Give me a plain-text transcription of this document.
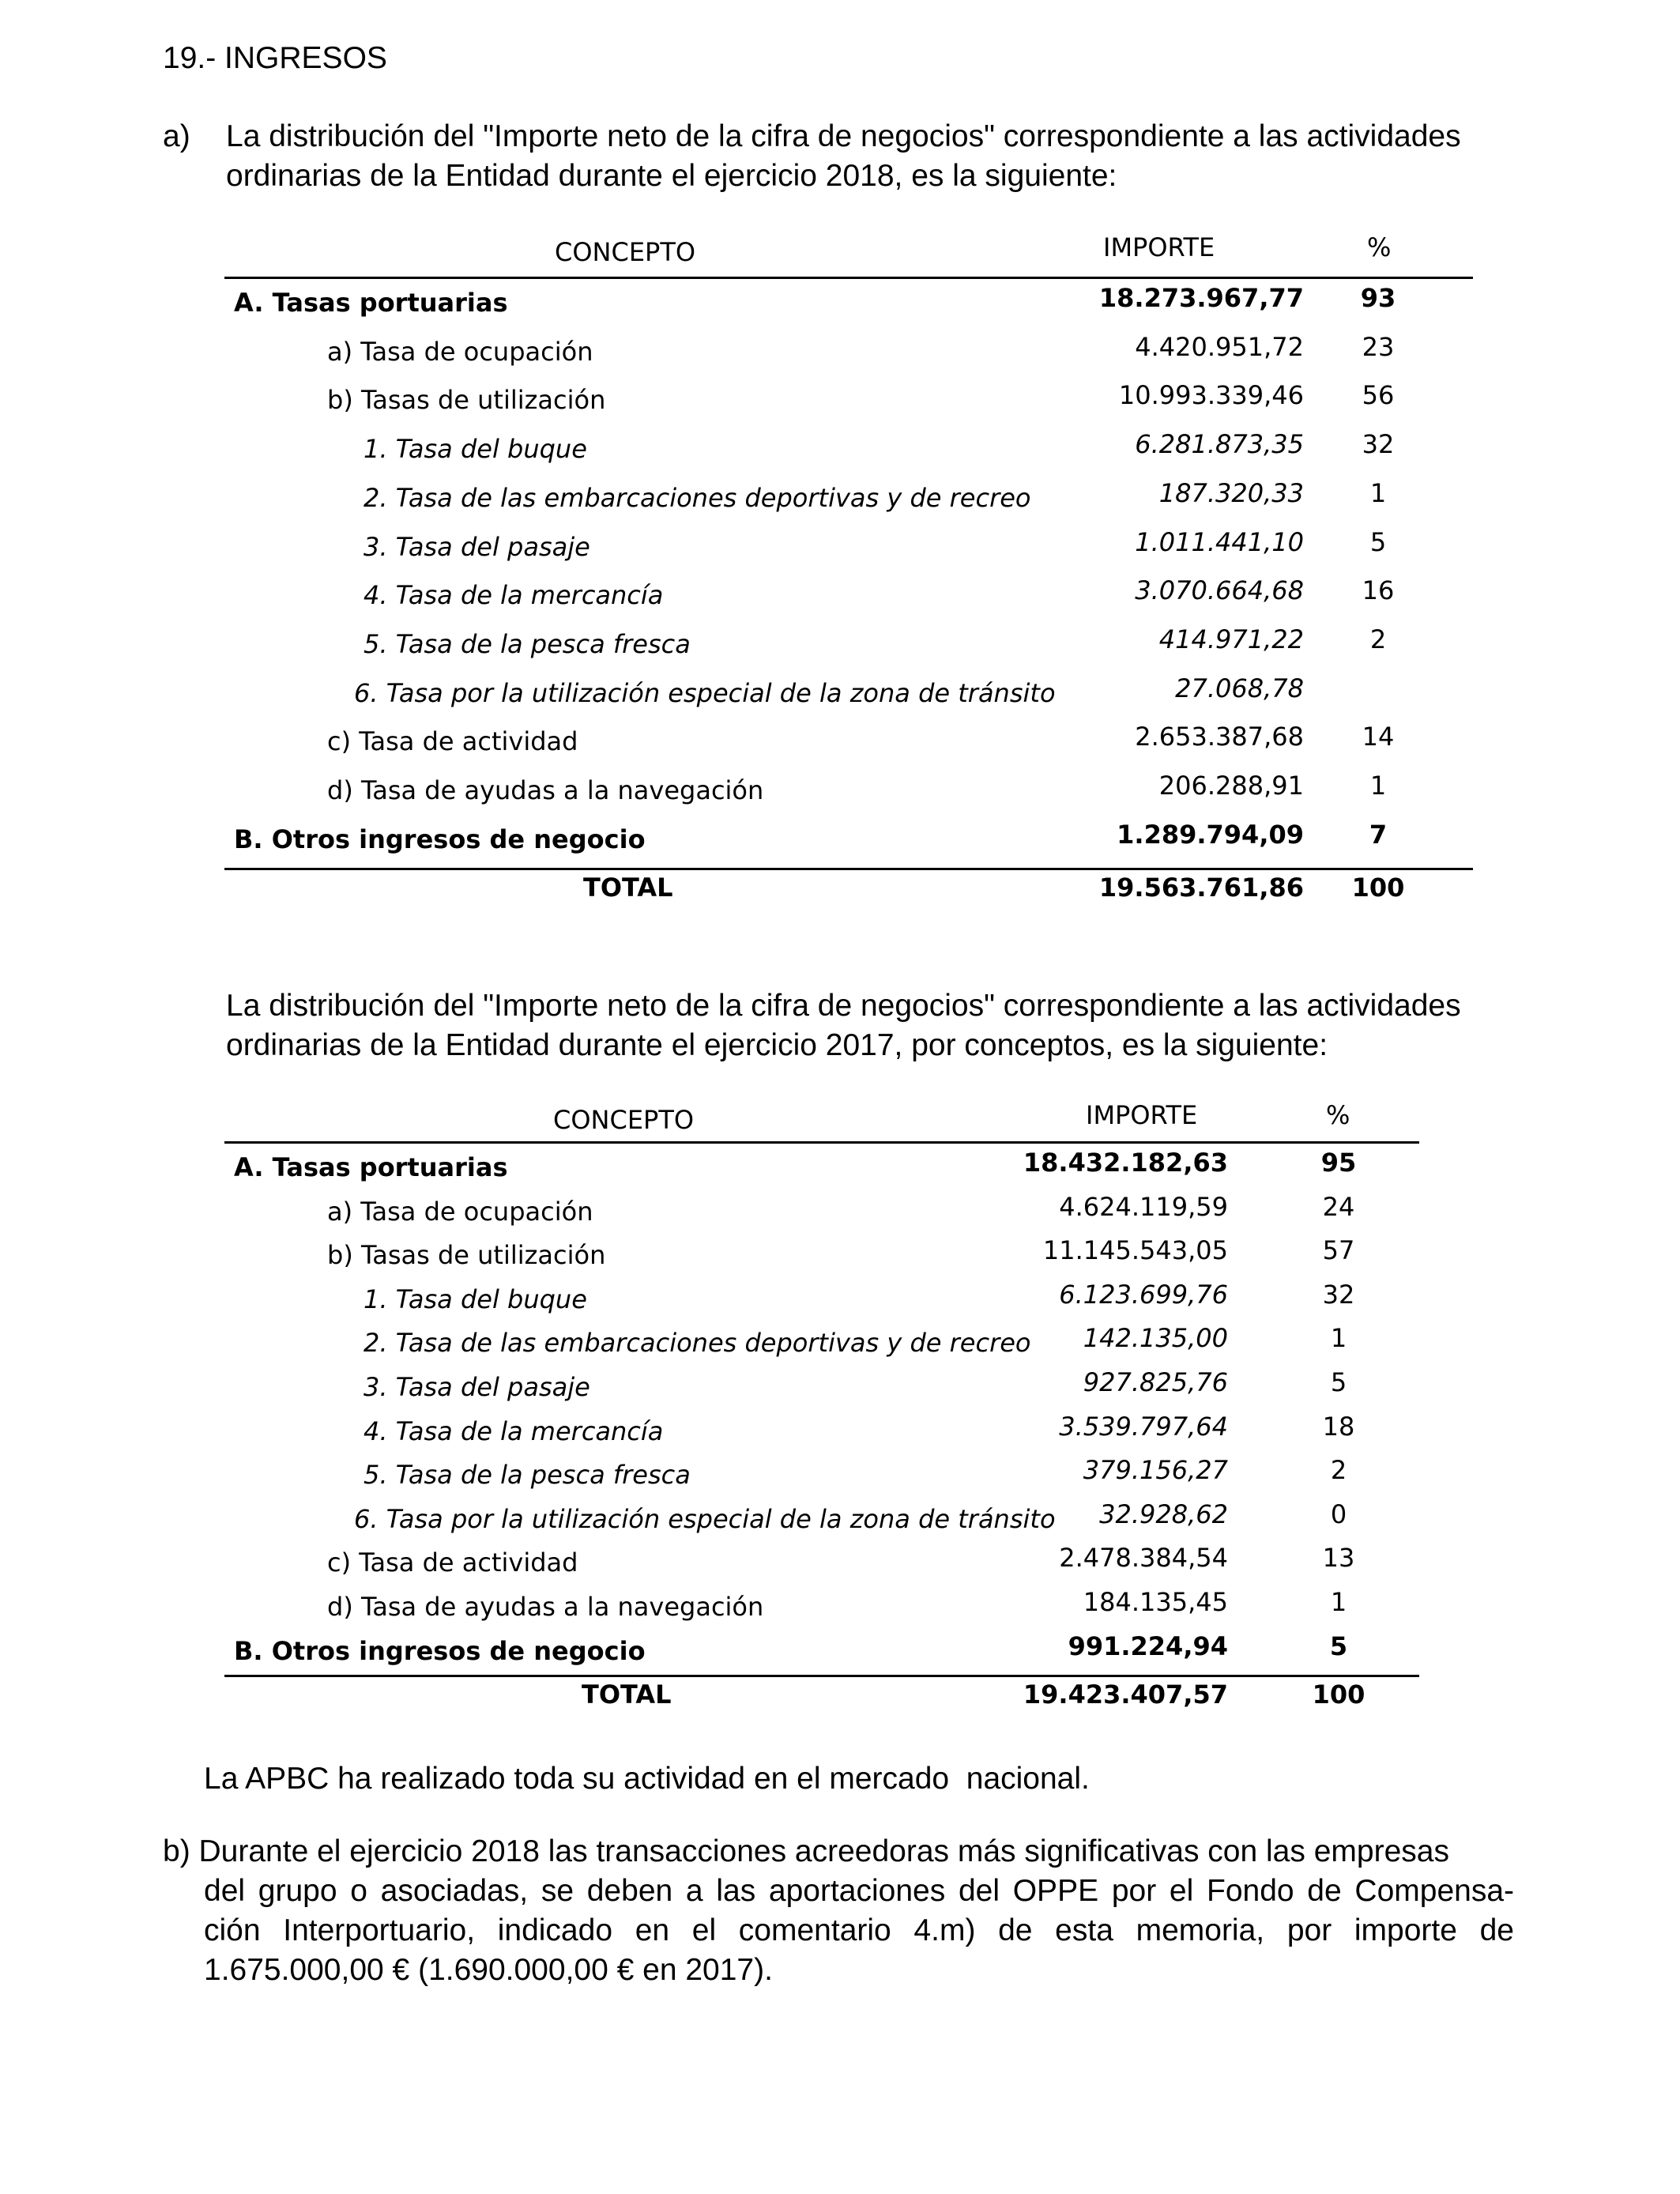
19.- INGRESOS
a) La distribución del "Importe neto de la cifra de negocios" correspondiente a las actividades
ordinarias de la Entidad durante el ejercicio 2018, es la siguiente:
CONCEPTO	IMPORTE	%
A. Tasas portuarias	18.273.967,77	93
a) Tasa de ocupación	4.420.951,72	23
b) Tasas de utilización	10.993.339,46	56
1. Tasa del buque	6.281.873,35	32
2. Tasa de las embarcaciones deportivas y de recreo	187.320,33	1
3. Tasa del pasaje	1.011.441,10	5
4. Tasa de la mercancía	3.070.664,68	16
5. Tasa de la pesca fresca	414.971,22	2
6. Tasa por la utilización especial de la zona de tránsito	27.068,78
c) Tasa de actividad	2.653.387,68	14
d) Tasa de ayudas a la navegación	206.288,91	1
B. Otros ingresos de negocio	1.289.794,09	7
TOTAL	19.563.761,86 100
La distribución del "Importe neto de la cifra de negocios" correspondiente a las actividades
ordinarias de la Entidad durante el ejercicio 2017, por conceptos, es la siguiente:
CONCEPTO	IMPORTE	%
A. Tasas portuarias	18.432.182,63	95
a) Tasa de ocupación	4.624.119,59	24
b) Tasas de utilización	11.145.543,05	57
1. Tasa del buque	6.123.699,76	32
2. Tasa de las embarcaciones deportivas y de recreo 142.135,00	1
3. Tasa del pasaje	927.825,76	5
4. Tasa de la mercancía	3.539.797,64	18
5. Tasa de la pesca fresca	379.156,27	2
6. Tasa por la utilización especial de la zona de tránsito 32.928,62	0
c) Tasa de actividad	2.478.384,54	13
d) Tasa de ayudas a la navegación	184.135,45	1
B. Otros ingresos de negocio	991.224,94	5
TOTAL	19.423.407,57	100
La APBC ha realizado toda su actividad en el mercado  nacional.
b) Durante el ejercicio 2018 las transacciones acreedoras más significativas con las empresas
del grupo o asociadas, se deben a las aportaciones del OPPE por el Fondo de Compensa-
ción Interportuario, indicado en el comentario 4.m) de esta memoria, por importe de
1.675.000,00 € (1.690.000,00 € en 2017).
